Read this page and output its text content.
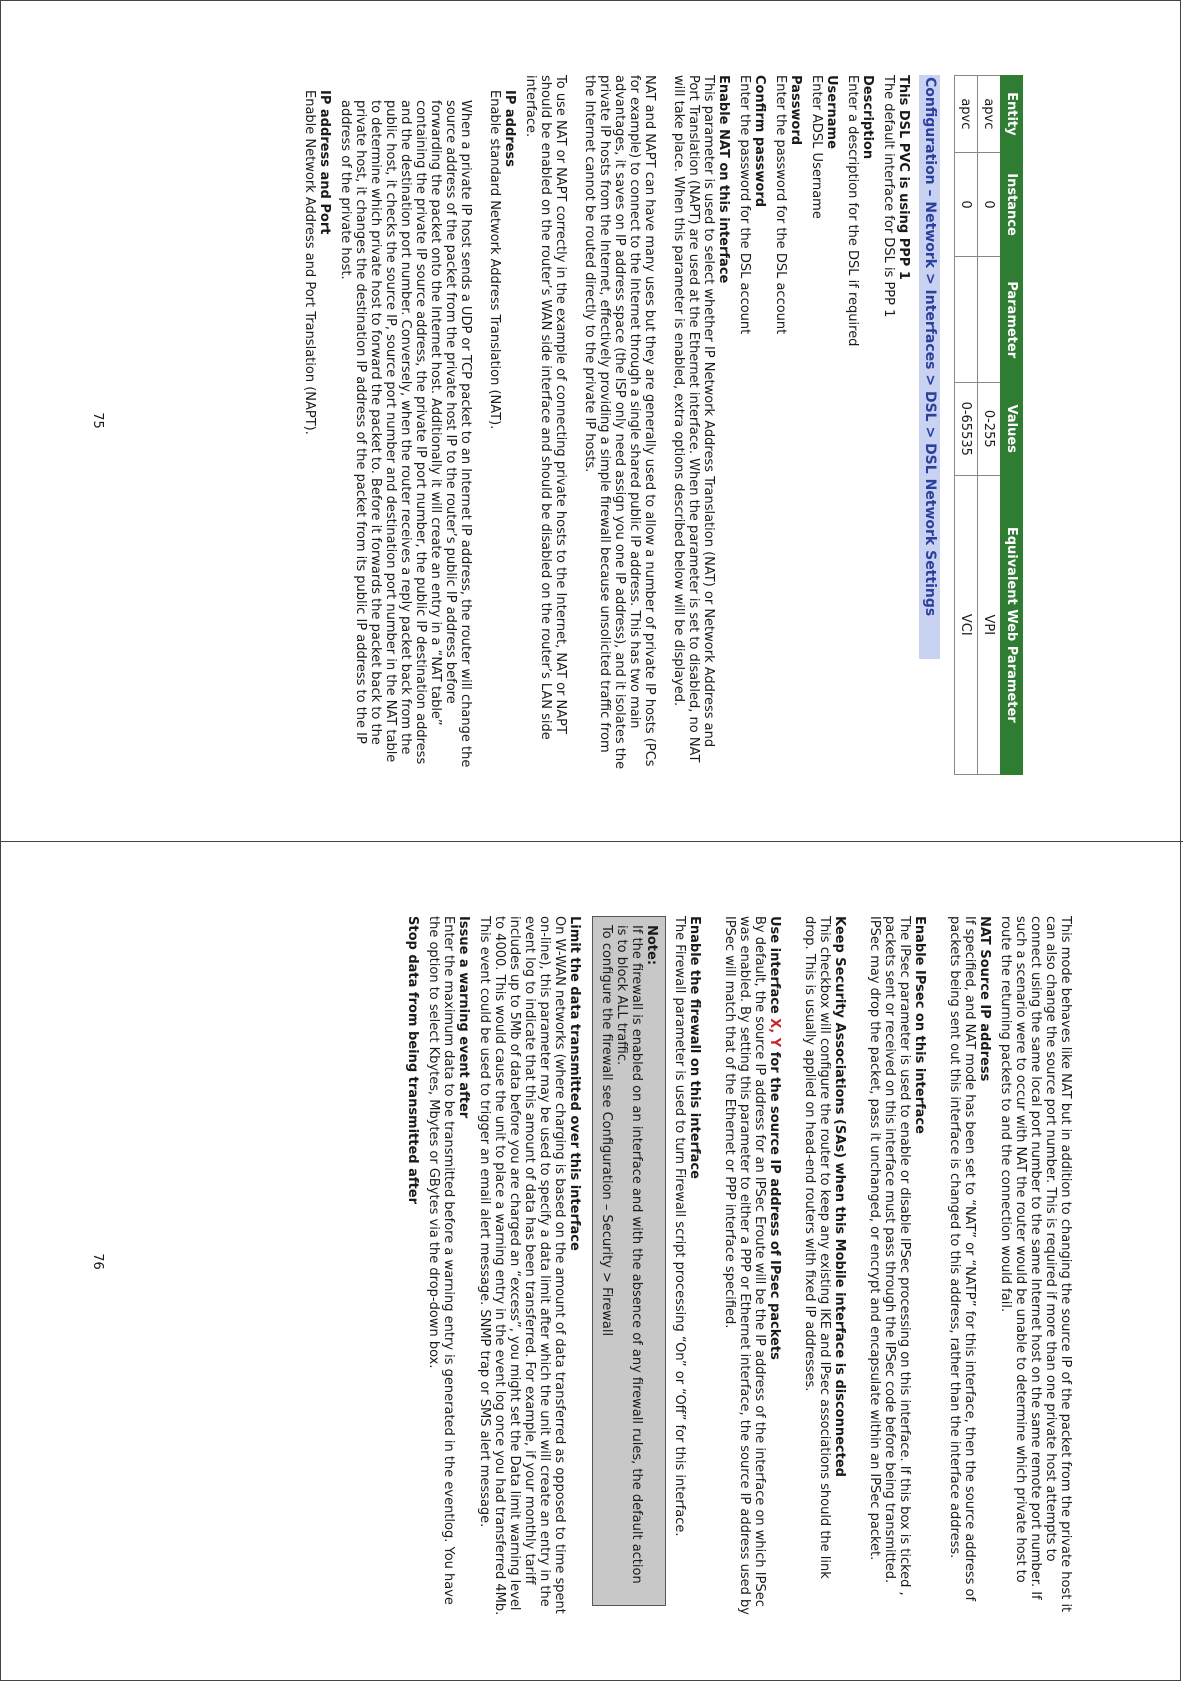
Entity	Instance	Parameter	Values	Equivalent Web Parameter
apvc	0		0-255	VPI
apvc	0		0-65535	VCI
Configuration – Network > Interfaces > DSL > DSL Network Settings
This DSL PVC is using PPP 1
The default interface for DSL is PPP 1
Description
Enter a description for the DSL if required
Username
Enter ADSL Username
Password
Enter the password for the DSL account
Confirm password
Enter the password for the DSL account
Enable NAT on this interface
This parameter is used to select whether IP Network Address Translation (NAT) or Network Address and Port Translation (NAPT) are used at the Ethernet interface. When the parameter is set to disabled, no NAT will take place. When this parameter is enabled, extra options described below will be displayed.
NAT and NAPT can have many uses but they are generally used to allow a number of private IP hosts (PCs for example) to connect to the Internet through a single shared public IP address. This has two main advantages, it saves on IP address space (the ISP only need assign you one IP address), and it isolates the private IP hosts from the Internet, effectively providing a simple firewall because unsolicited traffic from the Internet cannot be routed directly to the private IP hosts.
To use NAT or NAPT correctly in the example of connecting private hosts to the Internet, NAT or NAPT should be enabled on the router’s WAN side interface and should be disabled on the router’s LAN side interface.
IP address
Enable standard Network Address Translation (NAT).
When a private IP host sends a UDP or TCP packet to an Internet IP address, the router will change the source address of the packet from the private host IP to the router’s public IP address before forwarding the packet onto the Internet host. Additionally it will create an entry in a “NAT table” containing the private IP source address, the private IP port number, the public IP destination address and the destination port number. Conversely, when the router receives a reply packet back from the public host, it checks the source IP, source port number and destination port number in the NAT table to determine which private host to forward the packet to. Before it forwards the packet back to the private host, it changes the destination IP address of the packet from its public IP address to the IP address of the private host.
IP address and Port
Enable Network Address and Port Translation (NAPT).
75
This mode behaves like NAT but in addition to changing the source IP of the packet from the private host it can also change the source port number. This is required if more than one private host attempts to connect using the same local port number to the same Internet host on the same remote port number. If such a scenario were to occur with NAT the router would be unable to determine which private host to route the returning packets to and the connection would fail.
NAT Source IP address
If specified, and NAT mode has been set to “NAT” or “NATP” for this interface, then the source address of packets being sent out this interface is changed to this address, rather than the interface address.
Enable IPsec on this interface
The IPsec parameter is used to enable or disable IPSec processing on this interface. If this box is ticked , packets sent or received on this interface must pass through the IPSec code before being transmitted. IPSec may drop the packet, pass it unchanged, or encrypt and encapsulate within an IPSec packet.
Keep Security Associations (SAs) when this Mobile interface is disconnected
This checkbox will configure the router to keep any existing IKE and IPsec associations should the link drop. This is usually applied on head-end routers with fixed IP addresses.
Use interface X, Y for the source IP address of IPsec packets
By default, the source IP address for an IPSec Eroute will be the IP address of the interface on which IPSec was enabled. By setting this parameter to either a PPP or Ethernet interface, the source IP address used by IPSec will match that of the Ethernet or PPP interface specified.
Enable the firewall on this interface
The Firewall parameter is used to turn Firewall script processing “On” or “Off” for this interface.
Note:
If the firewall is enabled on an interface and with the absence of any firewall rules, the default action is to block ALL traffic.
To configure the firewall see Configuration – Security > Firewall
Limit the data transmitted over this interface
On W-WAN networks (where charging is based on the amount of data transferred as opposed to time spent on-line), this parameter may be used to specify a data limit after which the unit will create an entry in the event log to indicate that this amount of data has been transferred. For example, if your monthly tariff includes up to 5Mb of data before you are charged an “excess”, you might set the Data limit warning level to 4000. This would cause the unit to place a warning entry in the event log once you had transferred 4Mb. This event could be used to trigger an email alert message. SNMP trap or SMS alert message.
Issue a warning event after
Enter the maximum data to be transmitted before a warning entry is generated in the eventlog. You have the option to select Kbytes, Mbytes or GBytes via the drop-down box.
Stop data from being transmitted after
76
